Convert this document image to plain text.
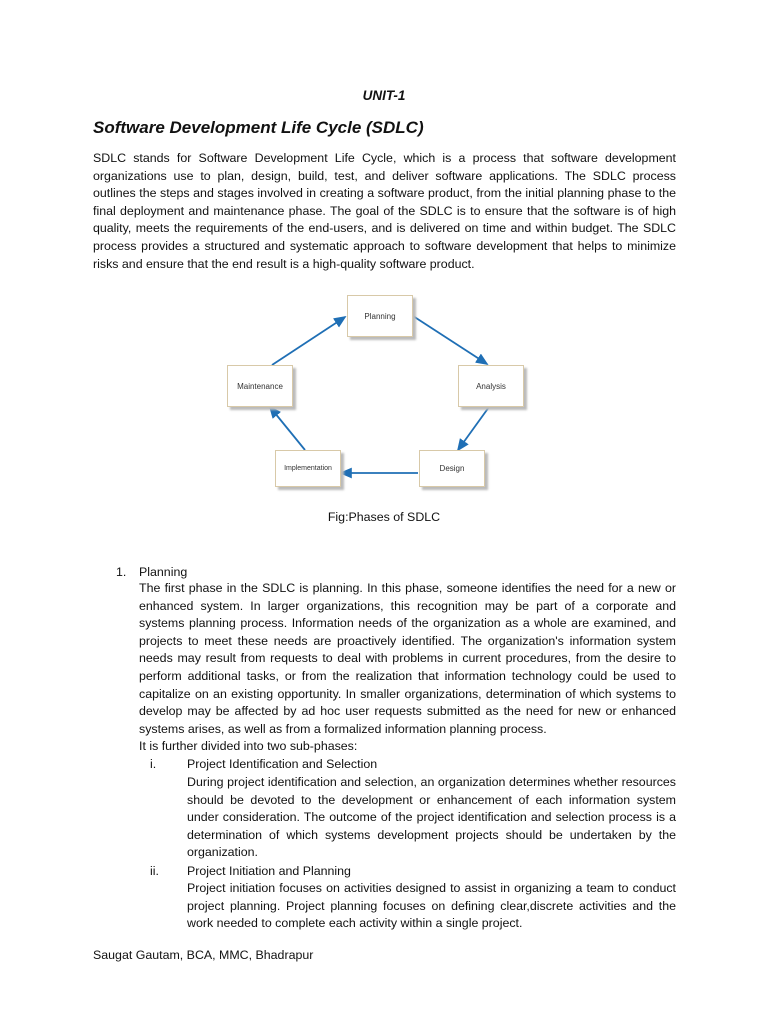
UNIT-1
Software Development Life Cycle (SDLC)
SDLC stands for Software Development Life Cycle, which is a process that software development organizations use to plan, design, build, test, and deliver software applications. The SDLC process outlines the steps and stages involved in creating a software product, from the initial planning phase to the final deployment and maintenance phase. The goal of the SDLC is to ensure that the software is of high quality, meets the requirements of the end-users, and is delivered on time and within budget. The SDLC process provides a structured and systematic approach to software development that helps to minimize risks and ensure that the end result is a high-quality software product.
Planning
Analysis
Design
Implementation
Maintenance
Fig:Phases of SDLC
1. Planning
The first phase in the SDLC is planning. In this phase, someone identifies the need for a new or enhanced system. In larger organizations, this recognition may be part of a corporate and systems planning process. Information needs of the organization as a whole are examined, and projects to meet these needs are proactively identified. The organization's information system needs may result from requests to deal with problems in current procedures, from the desire to perform additional tasks, or from the realization that information technology could be used to capitalize on an existing opportunity. In smaller organizations, determination of which systems to develop may be affected by ad hoc user requests submitted as the need for new or enhanced systems arises, as well as from a formalized information planning process.
It is further divided into two sub-phases:
i. Project Identification and Selection
During project identification and selection, an organization determines whether resources should be devoted to the development or enhancement of each information system under consideration. The outcome of the project identification and selection process is a determination of which systems development projects should be undertaken by the organization.
ii. Project Initiation and Planning
Project initiation focuses on activities designed to assist in organizing a team to conduct project planning. Project planning focuses on defining clear,discrete activities and the work needed to complete each activity within a single project.
Saugat Gautam, BCA, MMC, Bhadrapur
